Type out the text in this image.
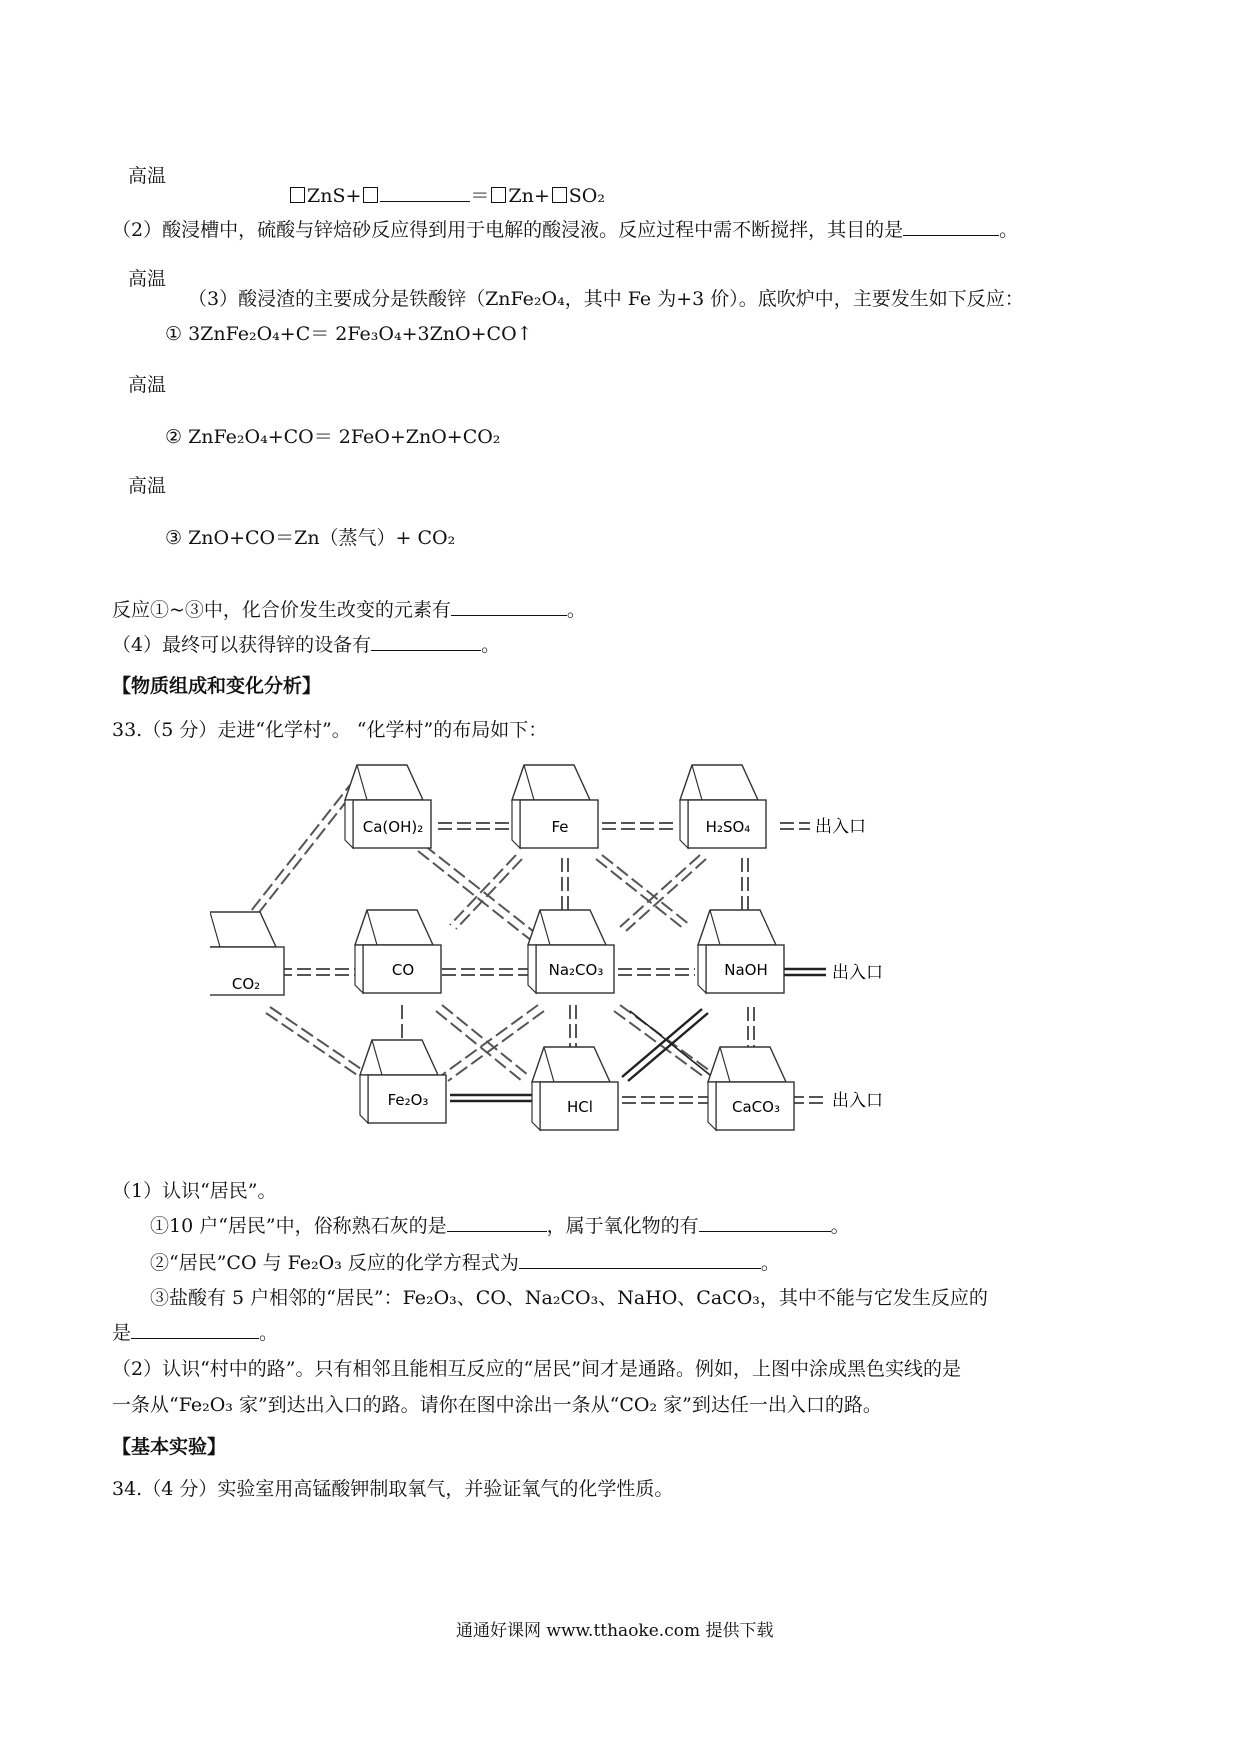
高温
ZnS+	＝ Zn+ SO₂
（2）酸浸槽中，硫酸与锌焙砂反应得到用于电解的酸浸液。反应过程中需不断搅拌，其目的是	。
高温
（3）酸浸渣的主要成分是铁酸锌（ZnFe₂O₄，其中 Fe 为+3 价）。底吹炉中，主要发生如下反应：
① 3ZnFe₂O₄+C＝ 2Fe₃O₄+3ZnO+CO↑
高温
② ZnFe₂O₄+CO＝ 2FeO+ZnO+CO₂
高温
③ ZnO+CO＝Zn（蒸气）+ CO₂
反应①~③中，化合价发生改变的元素有	。
（4）最终可以获得锌的设备有	。
【物质组成和变化分析】
33.（5 分）走进“化学村”。 “化学村”的布局如下：
Ca(OH)₂	Fe	H₂SO₄
CO₂
CO	Na₂CO₃	NaOH
Fe₂O₃	HCl	CaCO₃
出入口
出入口
出入口
（1）认识“居民”。
①10 户“居民”中，俗称熟石灰的是	，属于氧化物的有	。
②“居民”CO 与 Fe₂O₃ 反应的化学方程式为	。
③盐酸有 5 户相邻的“居民”：Fe₂O₃、CO、Na₂CO₃、NaHO、CaCO₃，其中不能与它发生反应的
是	。
（2）认识“村中的路”。只有相邻且能相互反应的“居民”间才是通路。例如，上图中涂成黑色实线的是
一条从“Fe₂O₃ 家”到达出入口的路。请你在图中涂出一条从“CO₂ 家”到达任一出入口的路。
【基本实验】
34.（4 分）实验室用高锰酸钾制取氧气，并验证氧气的化学性质。
通通好课网 www.tthaoke.com 提供下载
